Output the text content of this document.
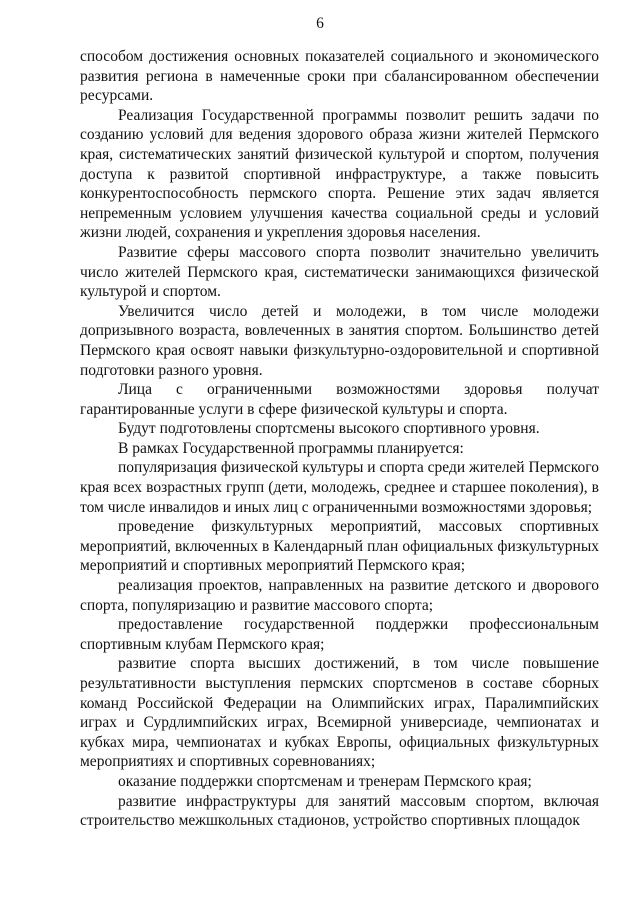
6

способом достижения основных показателей социального и экономического развития региона в намеченные сроки при сбалансированном обеспечении ресурсами.

Реализация Государственной программы позволит решить задачи по созданию условий для ведения здорового образа жизни жителей Пермского края, систематических занятий физической культурой и спортом, получения доступа к развитой спортивной инфраструктуре, а также повысить конкурентоспособность пермского спорта. Решение этих задач является непременным условием улучшения качества социальной среды и условий жизни людей, сохранения и укрепления здоровья населения.

Развитие сферы массового спорта позволит значительно увеличить число жителей Пермского края, систематически занимающихся физической культурой и спортом.

Увеличится число детей и молодежи, в том числе молодежи допризывного возраста, вовлеченных в занятия спортом. Большинство детей Пермского края освоят навыки физкультурно-оздоровительной и спортивной подготовки разного уровня.

Лица с ограниченными возможностями здоровья получат гарантированные услуги в сфере физической культуры и спорта.

Будут подготовлены спортсмены высокого спортивного уровня.

В рамках Государственной программы планируется:

популяризация физической культуры и спорта среди жителей Пермского края всех возрастных групп (дети, молодежь, среднее и старшее поколения), в том числе инвалидов и иных лиц с ограниченными возможностями здоровья;

проведение физкультурных мероприятий, массовых спортивных мероприятий, включенных в Календарный план официальных физкультурных мероприятий и спортивных мероприятий Пермского края;

реализация проектов, направленных на развитие детского и дворового спорта, популяризацию и развитие массового спорта;

предоставление государственной поддержки профессиональным спортивным клубам Пермского края;

развитие спорта высших достижений, в том числе повышение результативности выступления пермских спортсменов в составе сборных команд Российской Федерации на Олимпийских играх, Паралимпийских играх и Сурдлимпийских играх, Всемирной универсиаде, чемпионатах и кубках мира, чемпионатах и кубках Европы, официальных физкультурных мероприятиях и спортивных соревнованиях;

оказание поддержки спортсменам и тренерам Пермского края;

развитие инфраструктуры для занятий массовым спортом, включая строительство межшкольных стадионов, устройство спортивных площадок
